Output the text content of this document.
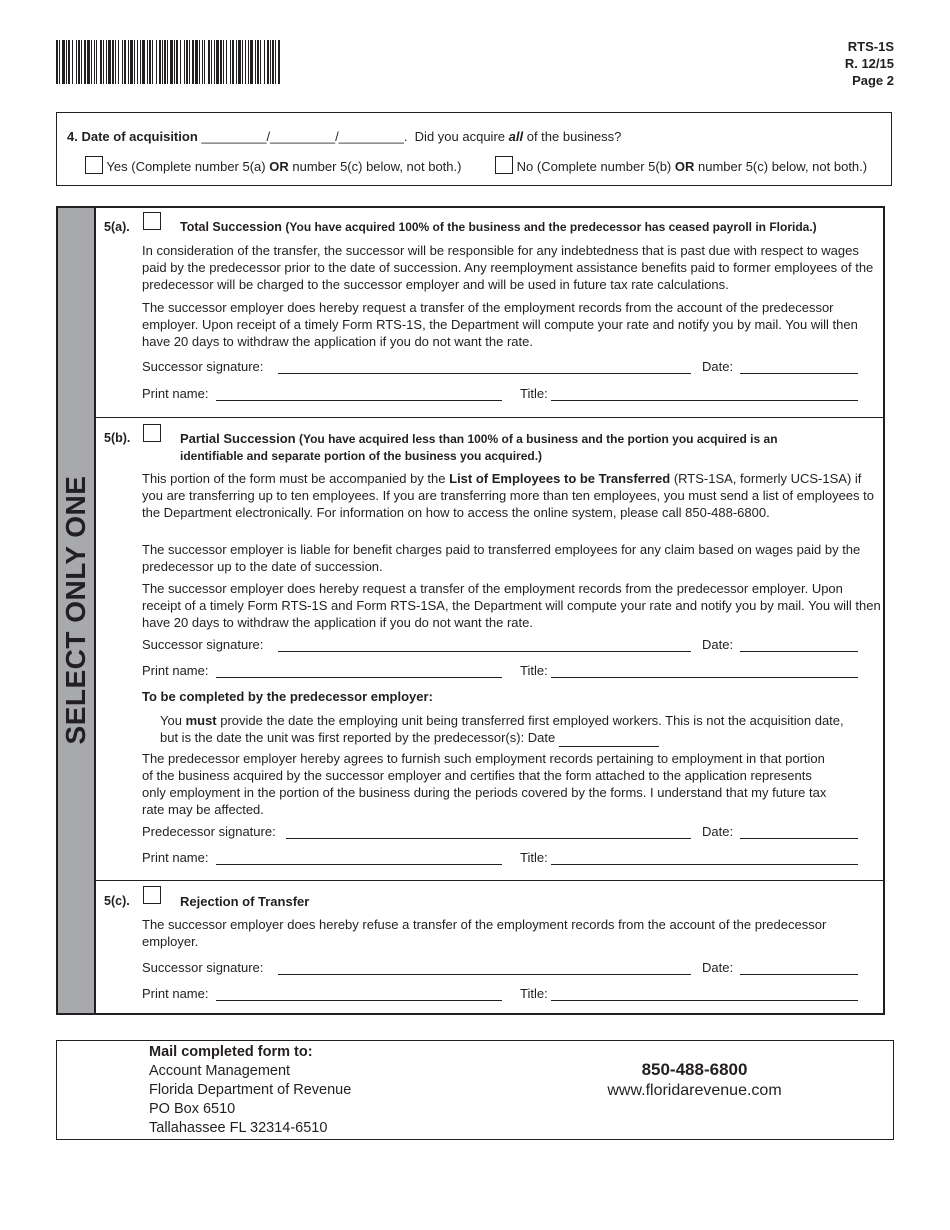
RTS-1S
R. 12/15
Page 2
4. Date of acquisition _________/_________/_________. Did you acquire all of the business?
Yes (Complete number 5(a) OR number 5(c) below, not both.)	No (Complete number 5(b) OR number 5(c) below, not both.)
SELECT ONLY ONE
5(a).	Total Succession (You have acquired 100% of the business and the predecessor has ceased payroll in Florida.)

In consideration of the transfer, the successor will be responsible for any indebtedness that is past due with respect to wages paid by the predecessor prior to the date of succession. Any reemployment assistance benefits paid to former employees of the predecessor will be charged to the successor employer and will be used in future tax rate calculations.

The successor employer does hereby request a transfer of the employment records from the account of the predecessor employer. Upon receipt of a timely Form RTS-1S, the Department will compute your rate and notify you by mail. You will then have 20 days to withdraw the application if you do not want the rate.

Successor signature:	Date:
Print name:	Title:
5(b).	Partial Succession (You have acquired less than 100% of a business and the portion you acquired is an identifiable and separate portion of the business you acquired.)

This portion of the form must be accompanied by the List of Employees to be Transferred (RTS-1SA, formerly UCS-1SA) if you are transferring up to ten employees. If you are transferring more than ten employees, you must send a list of employees to the Department electronically. For information on how to access the online system, please call 850-488-6800.

The successor employer is liable for benefit charges paid to transferred employees for any claim based on wages paid by the predecessor up to the date of succession.

The successor employer does hereby request a transfer of the employment records from the predecessor employer. Upon receipt of a timely Form RTS-1S and Form RTS-1SA, the Department will compute your rate and notify you by mail. You will then have 20 days to withdraw the application if you do not want the rate.

Successor signature:	Date:
Print name:	Title:
To be completed by the predecessor employer:

You must provide the date the employing unit being transferred first employed workers. This is not the acquisition date, but is the date the unit was first reported by the predecessor(s): Date

The predecessor employer hereby agrees to furnish such employment records pertaining to employment in that portion of the business acquired by the successor employer and certifies that the form attached to the application represents only employment in the portion of the business during the periods covered by the forms. I understand that my future tax rate may be affected.

Predecessor signature:	Date:
Print name:	Title:
5(c).	Rejection of Transfer

The successor employer does hereby refuse a transfer of the employment records from the account of the predecessor employer.

Successor signature:	Date:
Print name:	Title:
Mail completed form to:
Account Management
Florida Department of Revenue
PO Box 6510
Tallahassee FL 32314-6510
850-488-6800
www.floridarevenue.com
